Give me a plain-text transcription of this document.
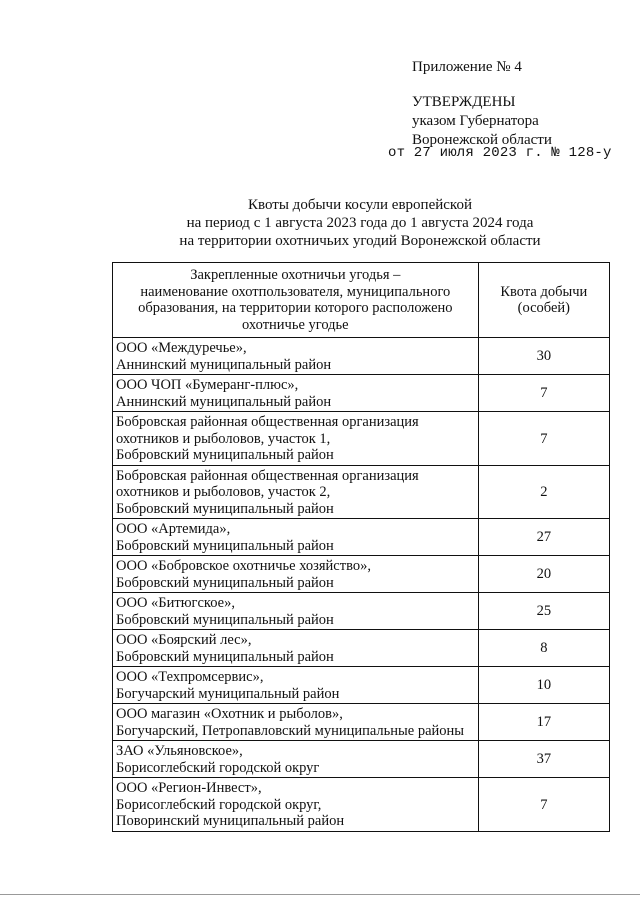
Приложение № 4
УТВЕРЖДЕНЫ
указом Губернатора
Воронежской области
от 27 июля 2023 г. № 128-у
Квоты добычи косули европейской
на период с 1 августа 2023 года до 1 августа 2024 года
на территории охотничьих угодий Воронежской области
Закрепленные охотничьи угодья –
наименование охотпользователя, муниципального
образования, на территории которого расположено
охотничье угодье	Квота добычи
(особей)

ООО «Междуречье»,
Аннинский муниципальный район	30

ООО ЧОП «Бумеранг-плюс»,
Аннинский муниципальный район	7

Бобровская районная общественная организация
охотников и рыболовов, участок 1,
Бобровский муниципальный район	7

Бобровская районная общественная организация
охотников и рыболовов, участок 2,
Бобровский муниципальный район	2

ООО «Артемида»,
Бобровский муниципальный район	27

ООО «Бобровское охотничье хозяйство»,
Бобровский муниципальный район	20

ООО «Битюгское»,
Бобровский муниципальный район	25

ООО «Боярский лес»,
Бобровский муниципальный район	8

ООО «Техпромсервис»,
Богучарский муниципальный район	10

ООО магазин «Охотник и рыболов»,
Богучарский, Петропавловский муниципальные районы	17

ЗАО «Ульяновское»,
Борисоглебский городской округ	37

ООО «Регион-Инвест»,
Борисоглебский городской округ,
Поворинский муниципальный район	7
